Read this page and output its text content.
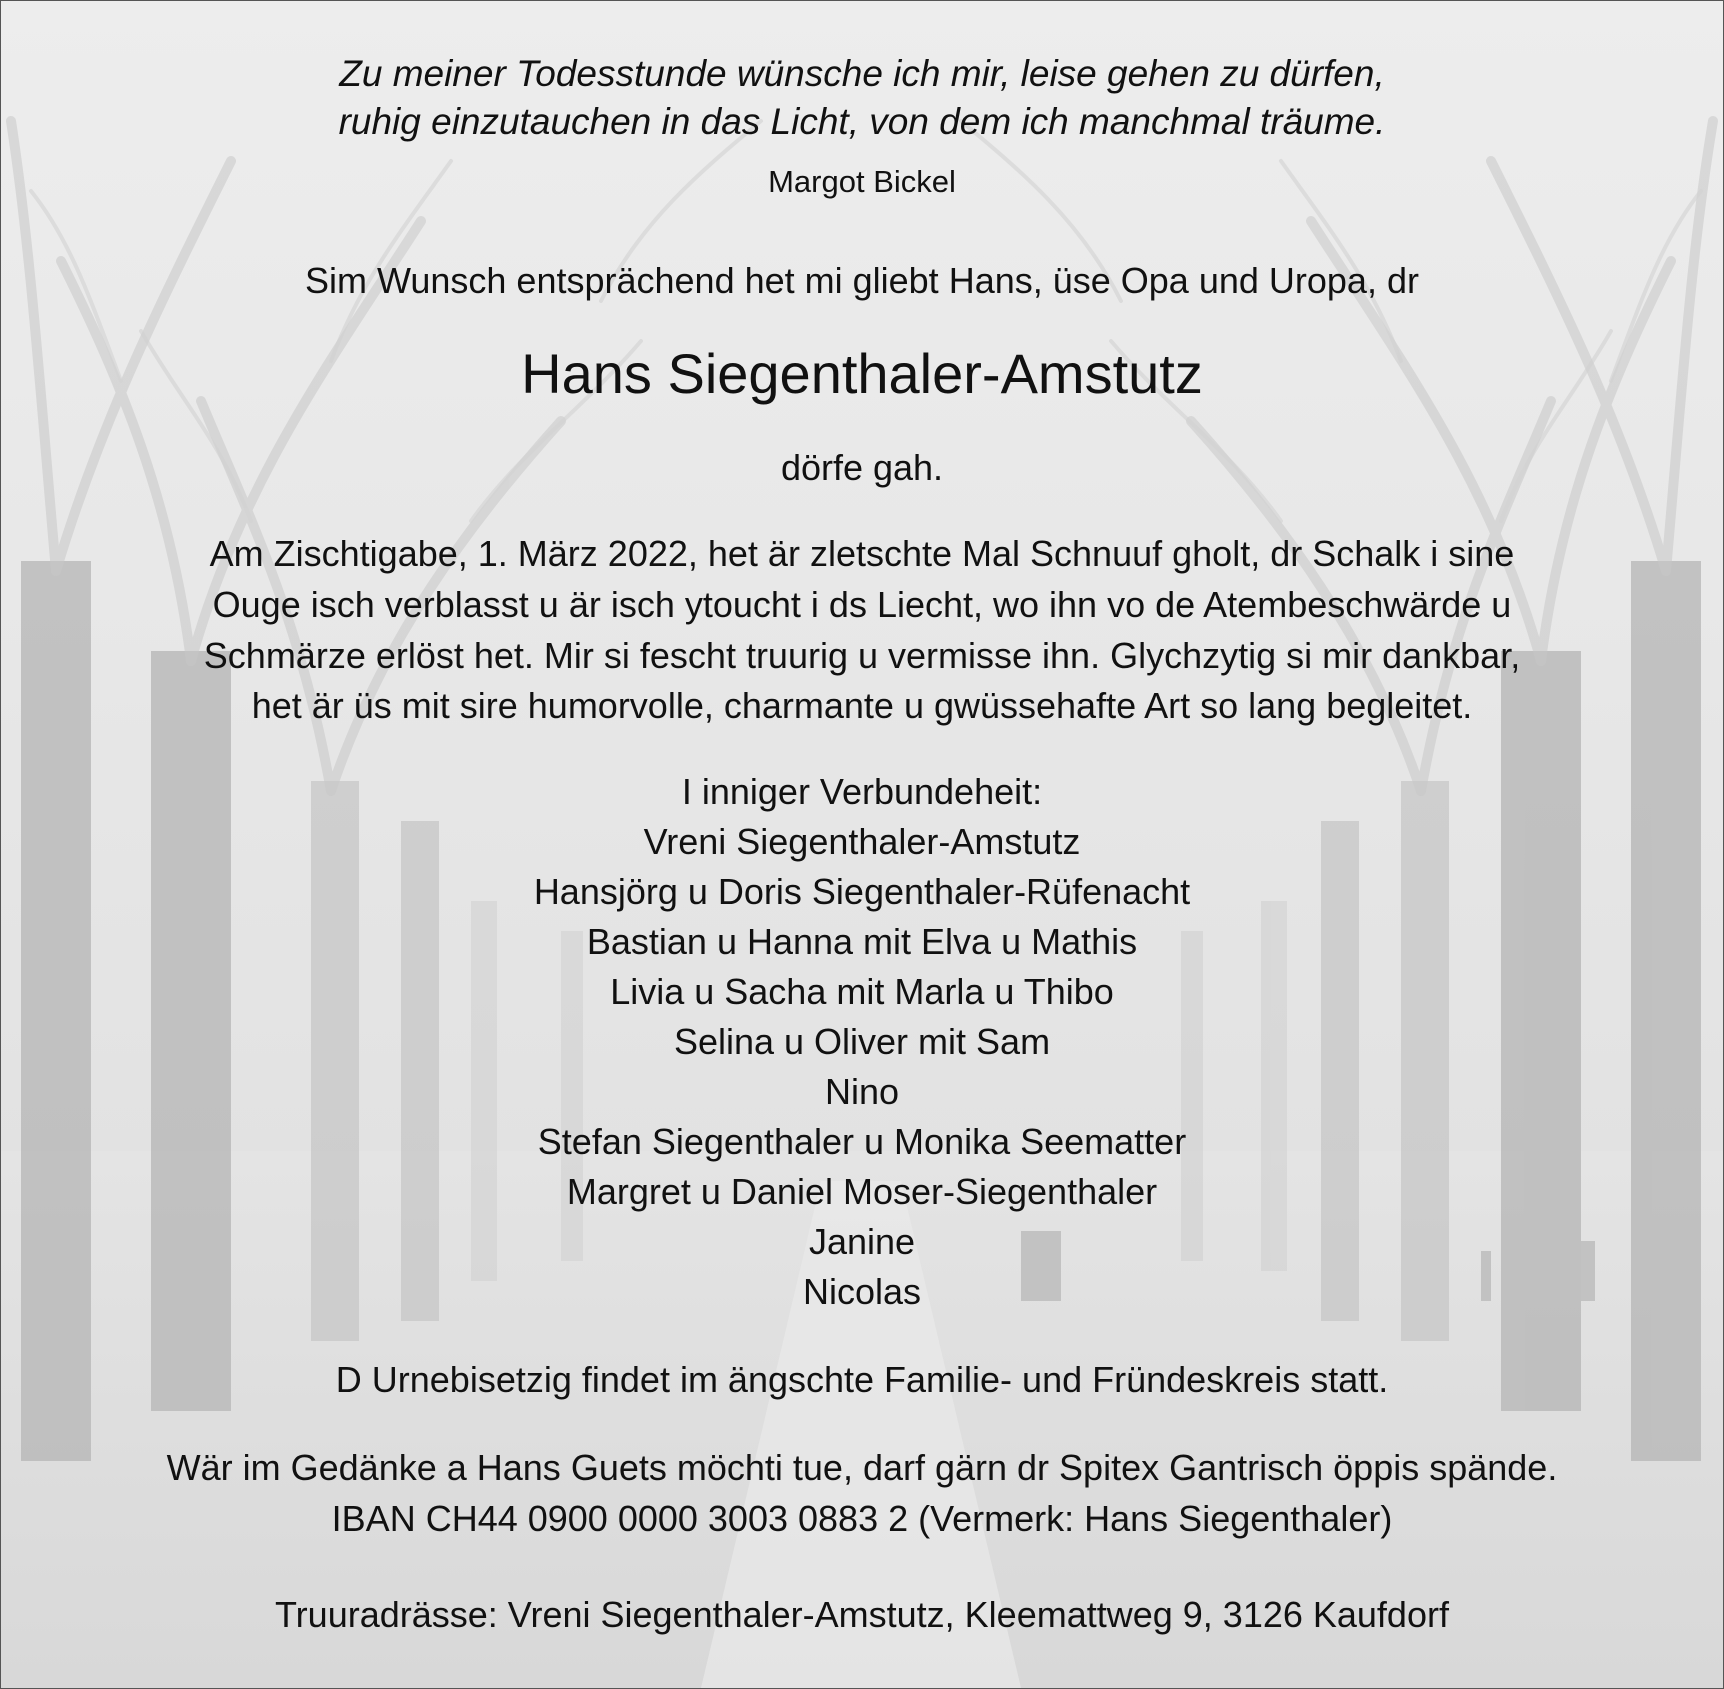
Zu meiner Todesstunde wünsche ich mir, leise gehen zu dürfen,
ruhig einzutauchen in das Licht, von dem ich manchmal träume.
Margot Bickel
Sim Wunsch entsprächend het mi gliebt Hans, üse Opa und Uropa, dr
Hans Siegenthaler-Amstutz
dörfe gah.
Am Zischtigabe, 1. März 2022, het är zletschte Mal Schnuuf gholt, dr Schalk i sine
Ouge isch verblasst u är isch ytoucht i ds Liecht, wo ihn vo de Atembeschwärde u
Schmärze erlöst het. Mir si fescht truurig u vermisse ihn. Glychzytig si mir dankbar,
het är üs mit sire humorvolle, charmante u gwüssehafte Art so lang begleitet.
I inniger Verbundeheit:
Vreni Siegenthaler-Amstutz
Hansjörg u Doris Siegenthaler-Rüfenacht
Bastian u Hanna mit Elva u Mathis
Livia u Sacha mit Marla u Thibo
Selina u Oliver mit Sam
Nino
Stefan Siegenthaler u Monika Seematter
Margret u Daniel Moser-Siegenthaler
Janine
Nicolas
D Urnebisetzig findet im ängschte Familie- und Fründeskreis statt.
Wär im Gedänke a Hans Guets möchti tue, darf gärn dr Spitex Gantrisch öppis spände.
IBAN CH44 0900 0000 3003 0883 2 (Vermerk: Hans Siegenthaler)
Truuradrässe: Vreni Siegenthaler-Amstutz, Kleemattweg 9, 3126 Kaufdorf
